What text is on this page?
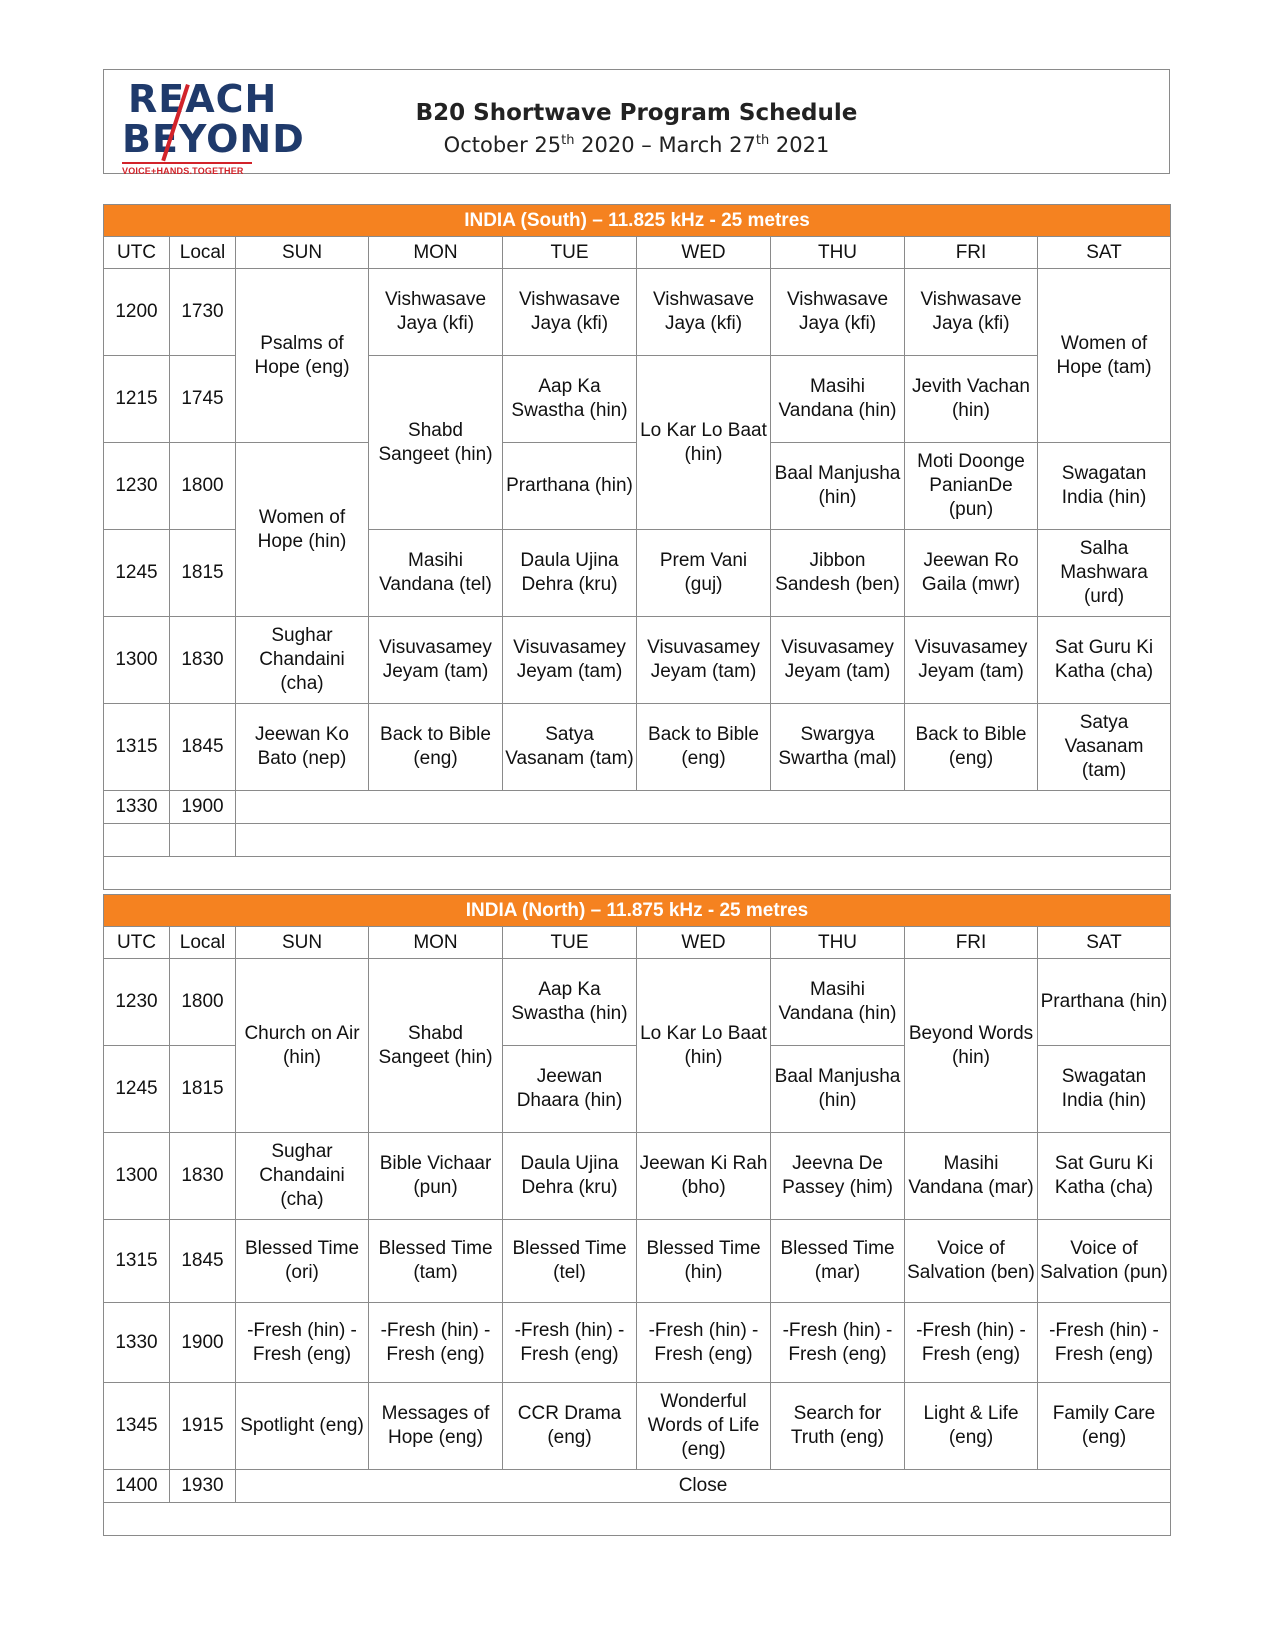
REACH
BEYOND
VOICE+HANDS.TOGETHER
B20 Shortwave Program Schedule
October 25th 2020 – March 27th 2021
INDIA (South) – 11.825 kHz - 25 metres								
UTC	Local	SUN	MON	TUE	WED	THU	FRI	SAT
1200	1730	Psalms of Hope (eng)	Vishwasave Jaya (kfi)	Vishwasave Jaya (kfi)	Vishwasave Jaya (kfi)	Vishwasave Jaya (kfi)	Vishwasave Jaya (kfi)	Women of Hope (tam)
1215	1745		Shabd Sangeet (hin)	Aap Ka Swastha (hin)	Lo Kar Lo Baat (hin)	Masihi Vandana (hin)	Jevith Vachan (hin)	
1230	1800	Women of Hope (hin)		Prarthana (hin)		Baal Manjusha (hin)	Moti Doonge PanianDe (pun)	Swagatan India (hin)
1245	1815		Masihi Vandana (tel)	Daula Ujina Dehra (kru)	Prem Vani (guj)	Jibbon Sandesh (ben)	Jeewan Ro Gaila (mwr)	Salha Mashwara (urd)
1300	1830	Sughar Chandaini (cha)	Visuvasamey Jeyam (tam)	Visuvasamey Jeyam (tam)	Visuvasamey Jeyam (tam)	Visuvasamey Jeyam (tam)	Visuvasamey Jeyam (tam)	Sat Guru Ki Katha (cha)
1315	1845	Jeewan Ko Bato (nep)	Back to Bible (eng)	Satya Vasanam (tam)	Back to Bible (eng)	Swargya Swartha (mal)	Back to Bible (eng)	Satya Vasanam (tam)
1330	1900							

INDIA (North) – 11.875 kHz - 25 metres								
UTC	Local	SUN	MON	TUE	WED	THU	FRI	SAT
1230	1800	Church on Air (hin)	Shabd Sangeet (hin)	Aap Ka Swastha (hin)	Lo Kar Lo Baat (hin)	Masihi Vandana (hin)	Beyond Words (hin)	Prarthana (hin)
1245	1815			Jeewan Dhaara (hin)		Baal Manjusha (hin)		Swagatan India (hin)
1300	1830	Sughar Chandaini (cha)	Bible Vichaar (pun)	Daula Ujina Dehra (kru)	Jeewan Ki Rah (bho)	Jeevna De Passey (him)	Masihi Vandana (mar)	Sat Guru Ki Katha (cha)
1315	1845	Blessed Time (ori)	Blessed Time (tam)	Blessed Time (tel)	Blessed Time (hin)	Blessed Time (mar)	Voice of Salvation (ben)	Voice of Salvation (pun)
1330	1900	-Fresh (hin) -Fresh (eng)	-Fresh (hin) -Fresh (eng)	-Fresh (hin) -Fresh (eng)	-Fresh (hin) -Fresh (eng)	-Fresh (hin) -Fresh (eng)	-Fresh (hin) -Fresh (eng)	-Fresh (hin) -Fresh (eng)
1345	1915	Spotlight (eng)	Messages of Hope (eng)	CCR Drama (eng)	Wonderful Words of Life (eng)	Search for Truth (eng)	Light & Life (eng)	Family Care (eng)
1400	1930	Close						
